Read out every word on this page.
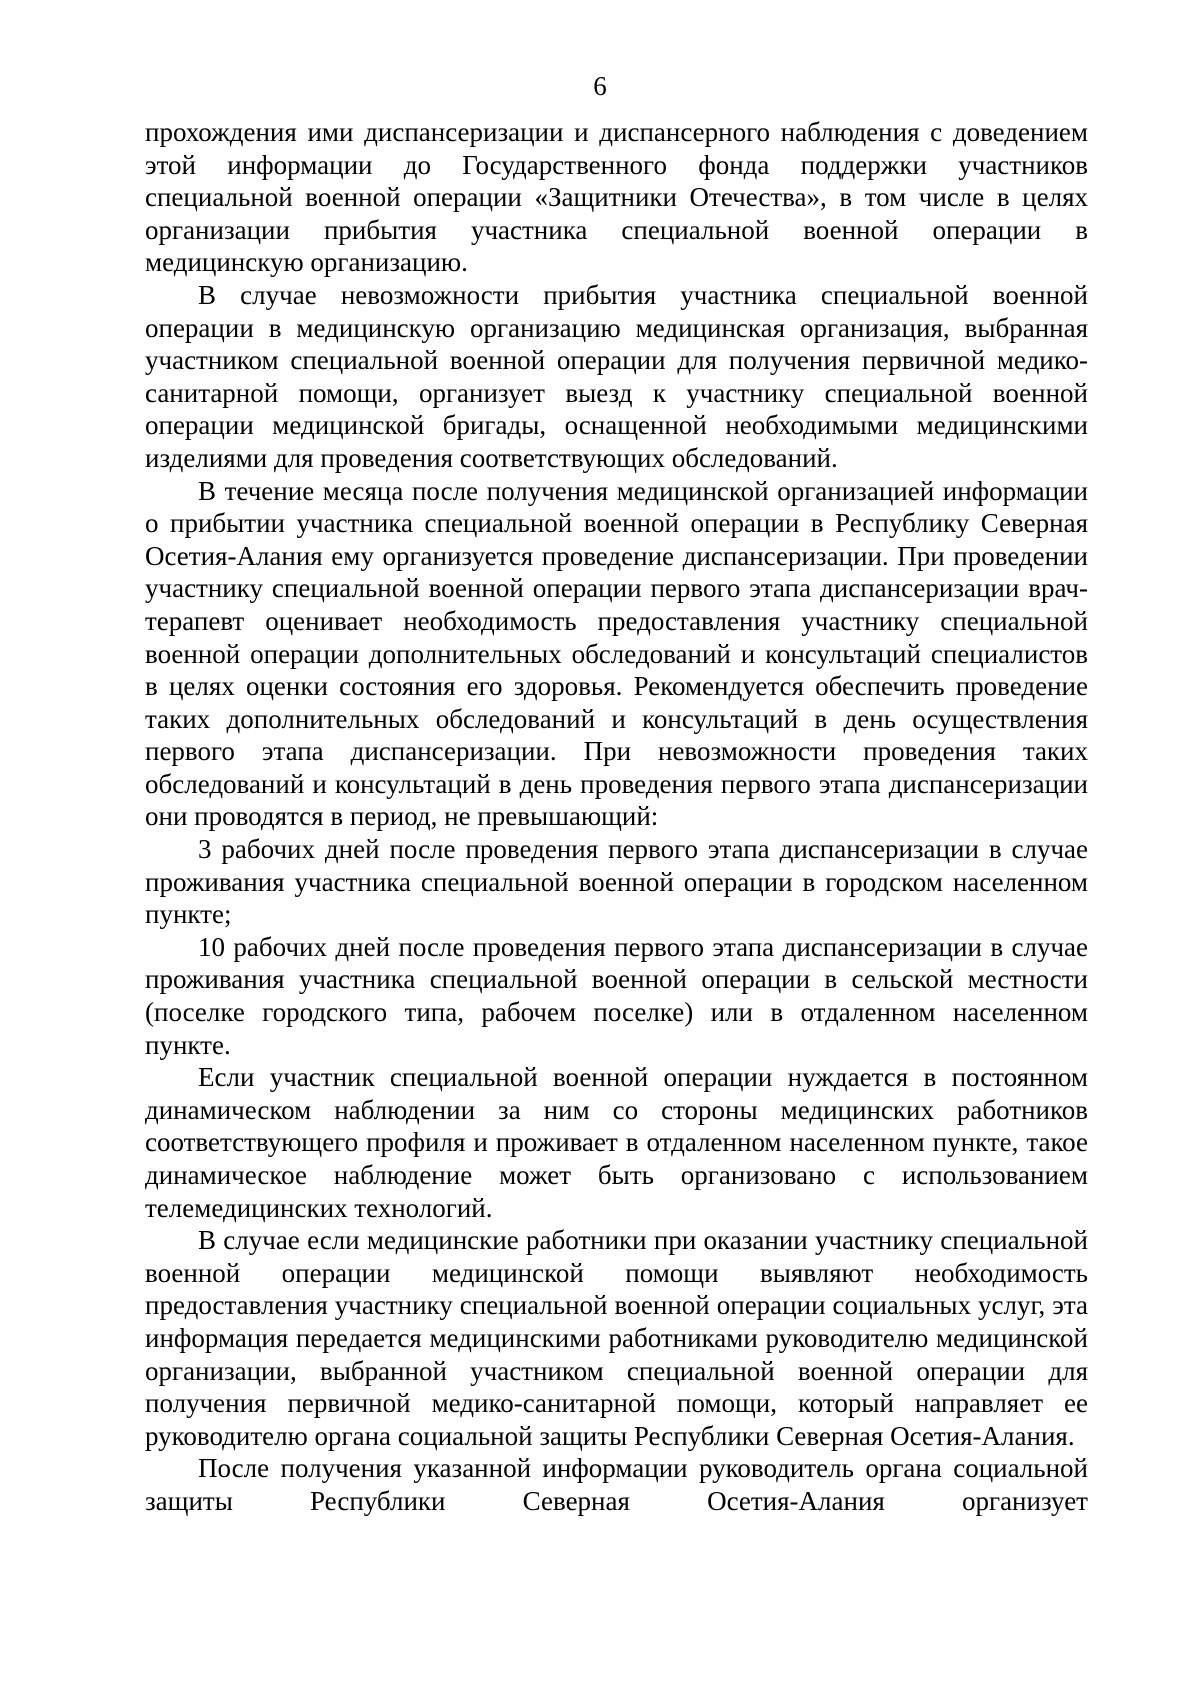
6

прохождения ими диспансеризации и диспансерного наблюдения с доведением этой информации до Государственного фонда поддержки участников специальной военной операции «Защитники Отечества», в том числе в целях организации прибытия участника специальной военной операции в медицинскую организацию.

В случае невозможности прибытия участника специальной военной операции в медицинскую организацию медицинская организация, выбранная участником специальной военной операции для получения первичной медико-санитарной помощи, организует выезд к участнику специальной военной операции медицинской бригады, оснащенной необходимыми медицинскими изделиями для проведения соответствующих обследований.

В течение месяца после получения медицинской организацией информации о прибытии участника специальной военной операции в Республику Северная Осетия-Алания ему организуется проведение диспансеризации. При проведении участнику специальной военной операции первого этапа диспансеризации врач-терапевт оценивает необходимость предоставления участнику специальной военной операции дополнительных обследований и консультаций специалистов в целях оценки состояния его здоровья. Рекомендуется обеспечить проведение таких дополнительных обследований и консультаций в день осуществления первого этапа диспансеризации. При невозможности проведения таких обследований и консультаций в день проведения первого этапа диспансеризации они проводятся в период, не превышающий:

3 рабочих дней после проведения первого этапа диспансеризации в случае проживания участника специальной военной операции в городском населенном пункте;

10 рабочих дней после проведения первого этапа диспансеризации в случае проживания участника специальной военной операции в сельской местности (поселке городского типа, рабочем поселке) или в отдаленном населенном пункте.

Если участник специальной военной операции нуждается в постоянном динамическом наблюдении за ним со стороны медицинских работников соответствующего профиля и проживает в отдаленном населенном пункте, такое динамическое наблюдение может быть организовано с использованием телемедицинских технологий.

В случае если медицинские работники при оказании участнику специальной военной операции медицинской помощи выявляют необходимость предоставления участнику специальной военной операции социальных услуг, эта информация передается медицинскими работниками руководителю медицинской организации, выбранной участником специальной военной операции для получения первичной медико-санитарной помощи, который направляет ее руководителю органа социальной защиты Республики Северная Осетия-Алания.

После получения указанной информации руководитель органа социальной защиты Республики Северная Осетия-Алания организует
